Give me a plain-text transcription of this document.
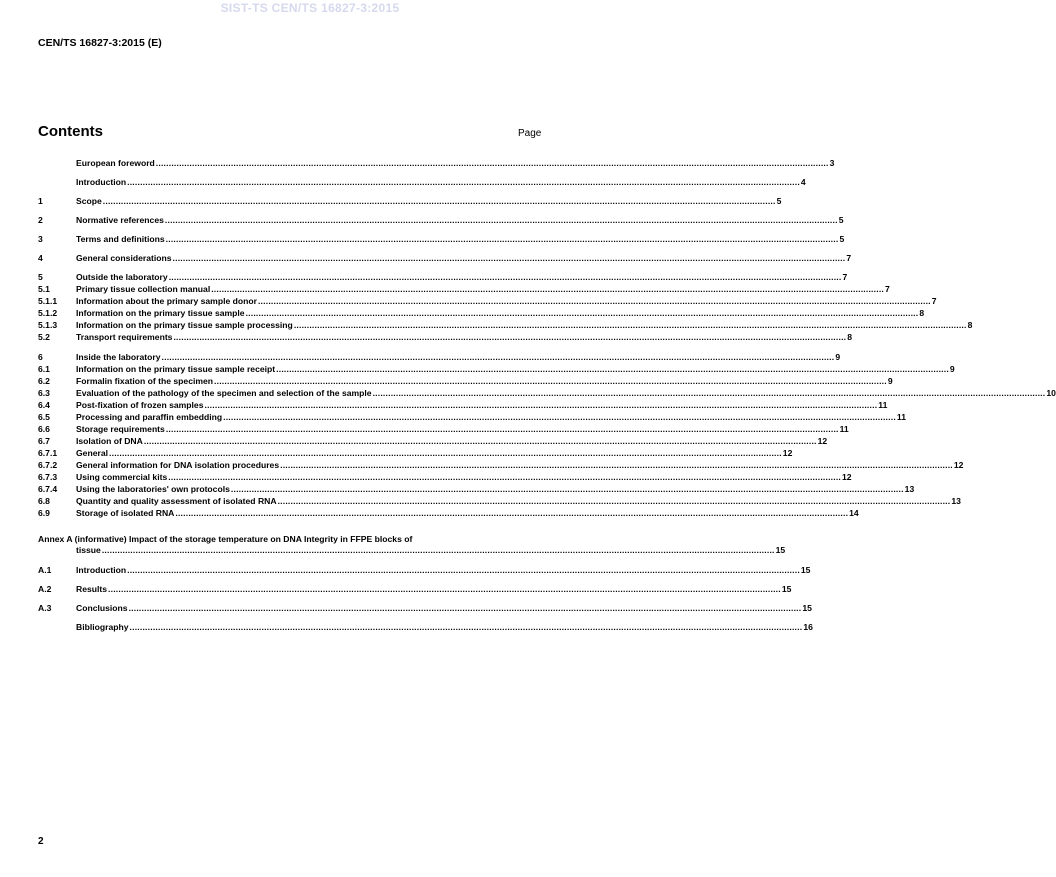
SIST-TS CEN/TS 16827-3:2015
CEN/TS 16827-3:2015 (E)
Contents	Page
Annex A (informative) Impact of the storage temperature on DNA Integrity in FFPE blocks of
tissue .....	15
European foreword .....	3
Introduction .....	4
1	Scope .....	5
2	Normative references .....	5
3	Terms and definitions .....	5
4	General considerations .....	7
5	Outside the laboratory .....	7
5.1	Primary tissue collection manual .....	7
5.1.1	Information about the primary sample donor .....	7
5.1.2	Information on the primary tissue sample .....	8
5.1.3	Information on the primary tissue sample processing .....	8
5.2	Transport requirements .....	8
6	Inside the laboratory .....	9
6.1	Information on the primary tissue sample receipt .....	9
6.2	Formalin fixation of the specimen .....	9
6.3	Evaluation of the pathology of the specimen and selection of the sample .....	10
6.4	Post-fixation of frozen samples .....	11
6.5	Processing and paraffin embedding .....	11
6.6	Storage requirements .....	11
6.7	Isolation of DNA .....	12
6.7.1	General .....	12
6.7.2	General information for DNA isolation procedures .....	12
6.7.3	Using commercial kits .....	12
6.7.4	Using the laboratories' own protocols .....	13
6.8	Quantity and quality assessment of isolated RNA .....	13
6.9	Storage of isolated RNA .....	14
A.1	Introduction .....	15
A.2	Results .....	15
A.3	Conclusions .....	15
Bibliography .....	16
2
